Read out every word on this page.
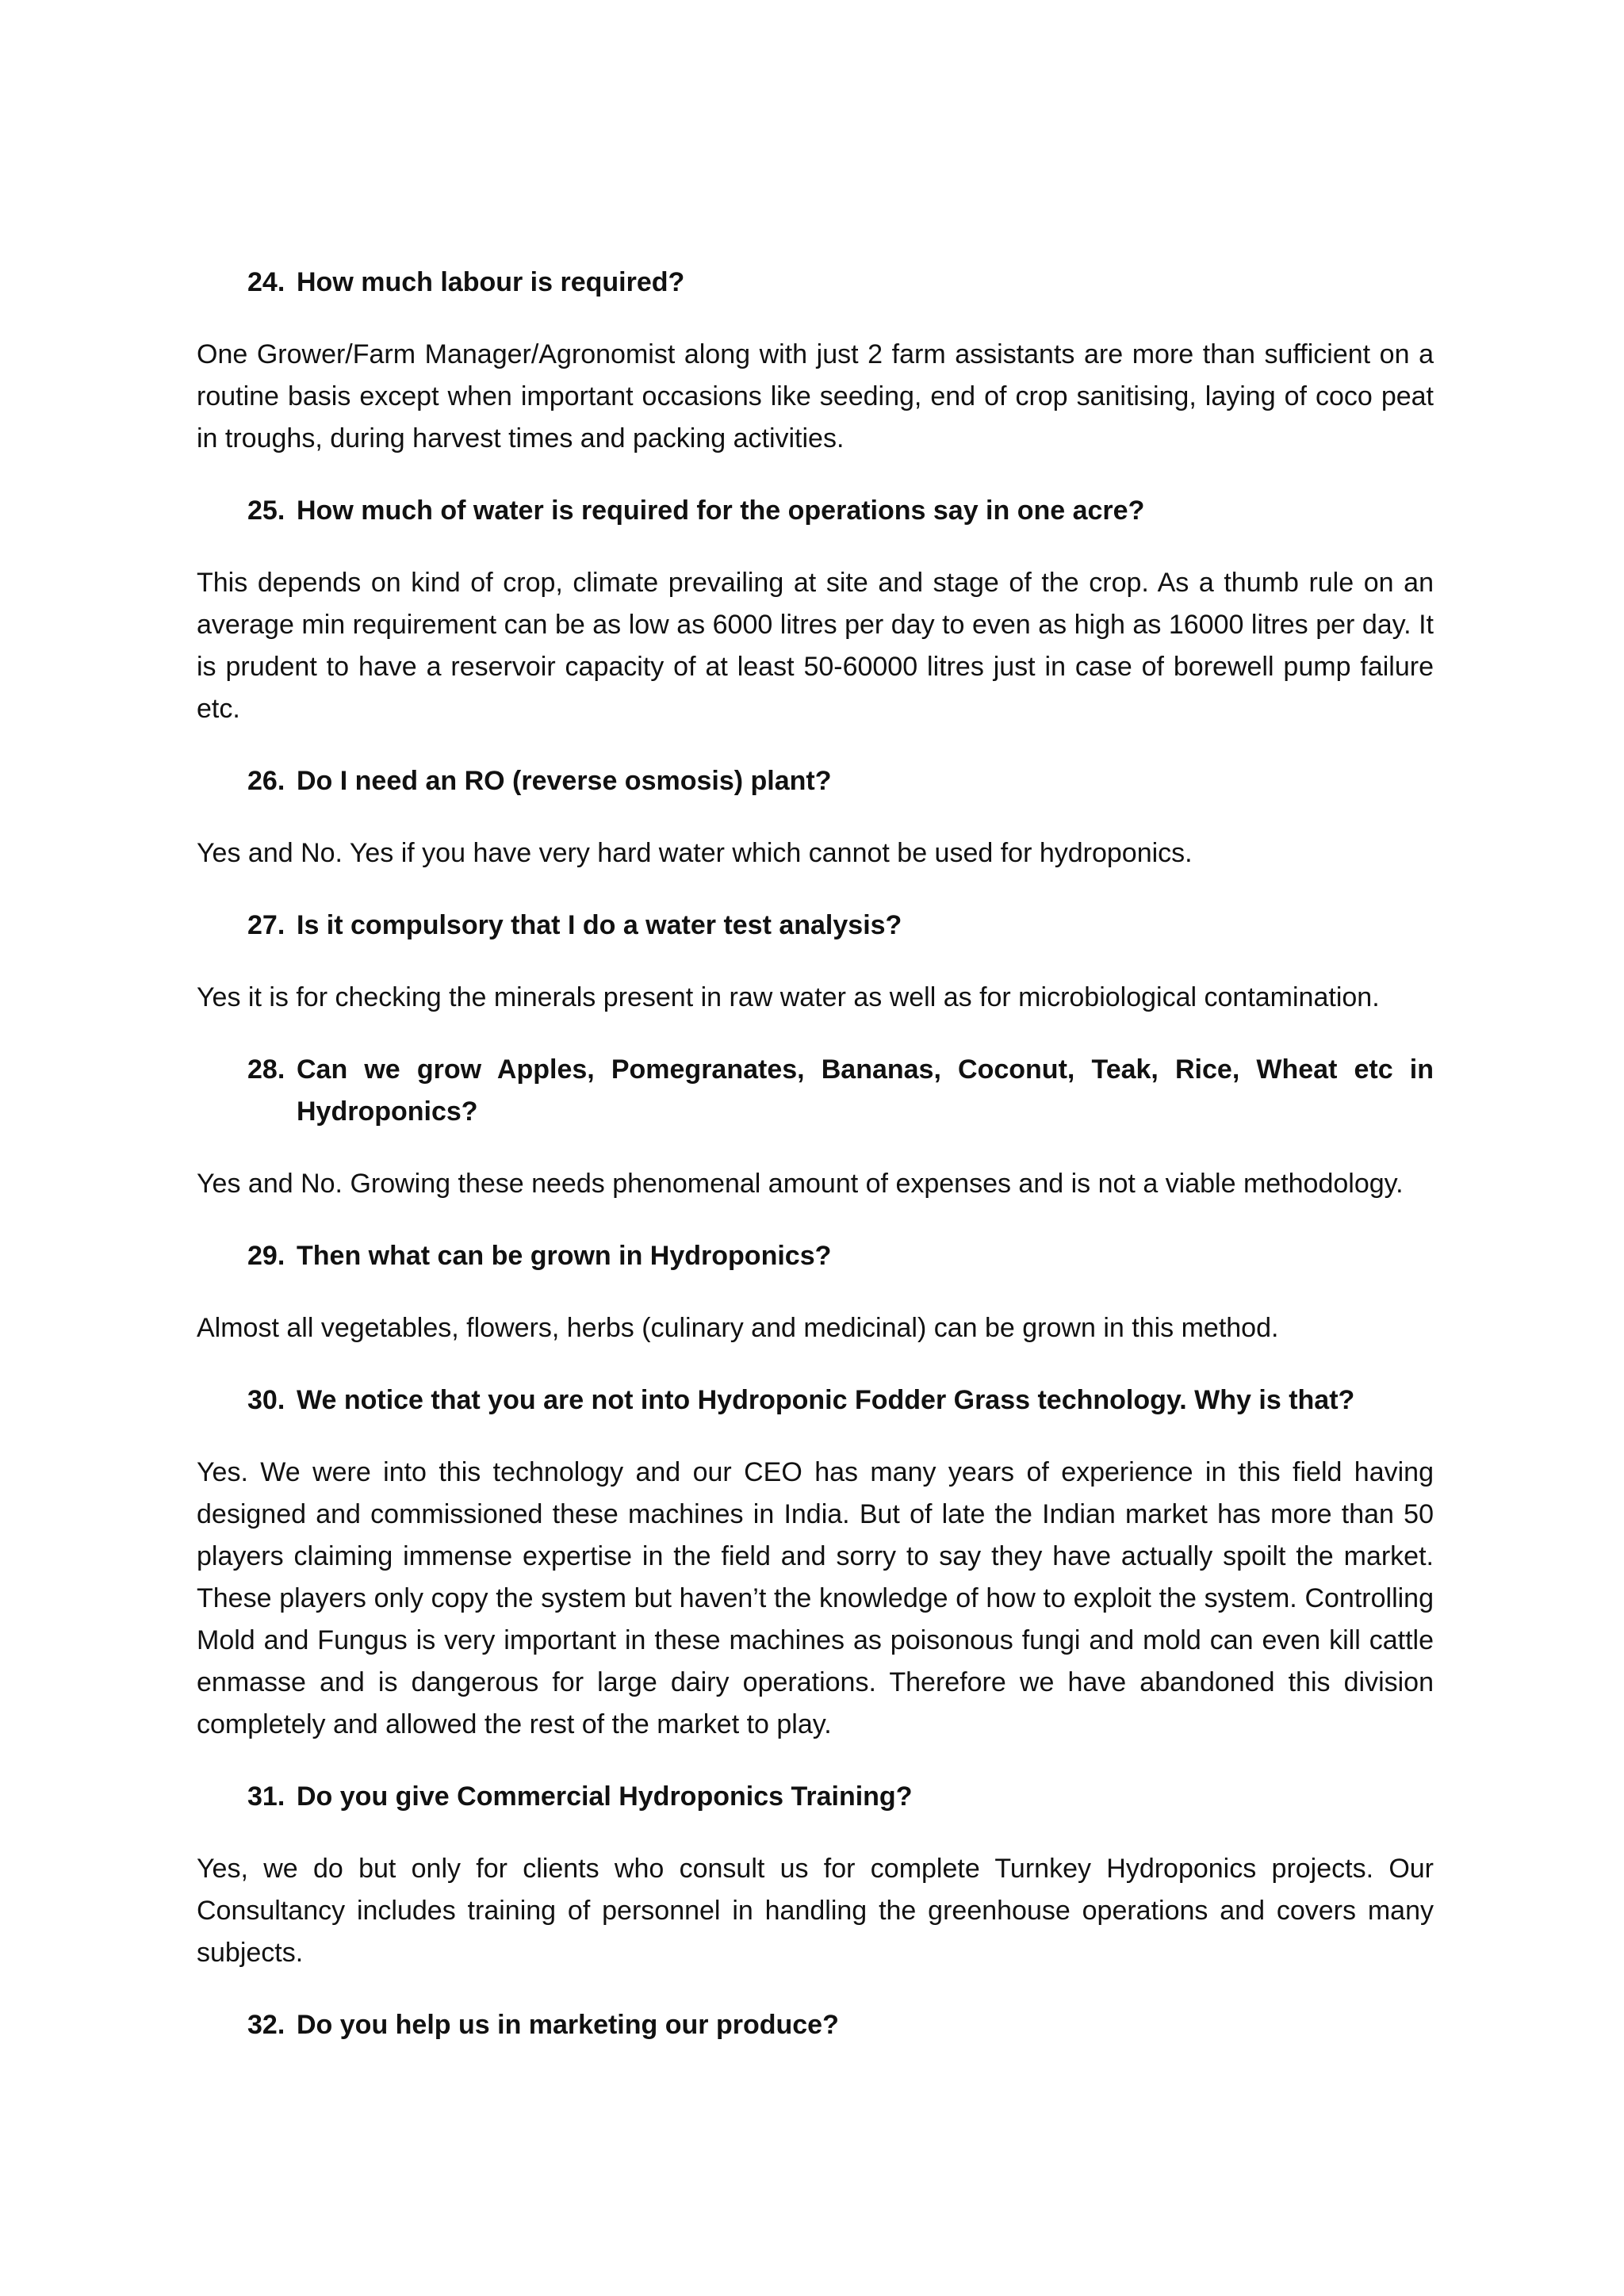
24. How much labour is required?

One Grower/Farm Manager/Agronomist along with just 2 farm assistants are more than sufficient on a routine basis except when important occasions like seeding, end of crop sanitising, laying of coco peat in troughs, during harvest times and packing activities.

25. How much of water is required for the operations say in one acre?

This depends on kind of crop, climate prevailing at site and stage of the crop. As a thumb rule on an average min requirement can be as low as 6000 litres per day to even as high as 16000 litres per day. It is prudent to have a reservoir capacity of at least 50-60000 litres just in case of borewell pump failure etc.

26. Do I need an RO (reverse osmosis) plant?

Yes and No. Yes if you have very hard water which cannot be used for hydroponics.

27. Is it compulsory that I do a water test analysis?

Yes it is for checking the minerals present in raw water as well as for microbiological contamination.

28. Can we grow Apples, Pomegranates, Bananas, Coconut, Teak, Rice, Wheat etc in Hydroponics?

Yes and No. Growing these needs phenomenal amount of expenses and is not a viable methodology.

29. Then what can be grown in Hydroponics?

Almost all vegetables, flowers, herbs (culinary and medicinal) can be grown in this method.

30. We notice that you are not into Hydroponic Fodder Grass technology. Why is that?

Yes. We were into this technology and our CEO has many years of experience in this field having designed and commissioned these machines in India. But of late the Indian market has more than 50 players claiming immense expertise in the field and sorry to say they have actually spoilt the market. These players only copy the system but haven’t the knowledge of how to exploit the system. Controlling Mold and Fungus is very important in these machines as poisonous fungi and mold can even kill cattle enmasse and is dangerous for large dairy operations. Therefore we have abandoned this division completely and allowed the rest of the market to play.

31. Do you give Commercial Hydroponics Training?

Yes, we do but only for clients who consult us for complete Turnkey Hydroponics projects. Our Consultancy includes training of personnel in handling the greenhouse operations and covers many subjects.

32. Do you help us in marketing our produce?
